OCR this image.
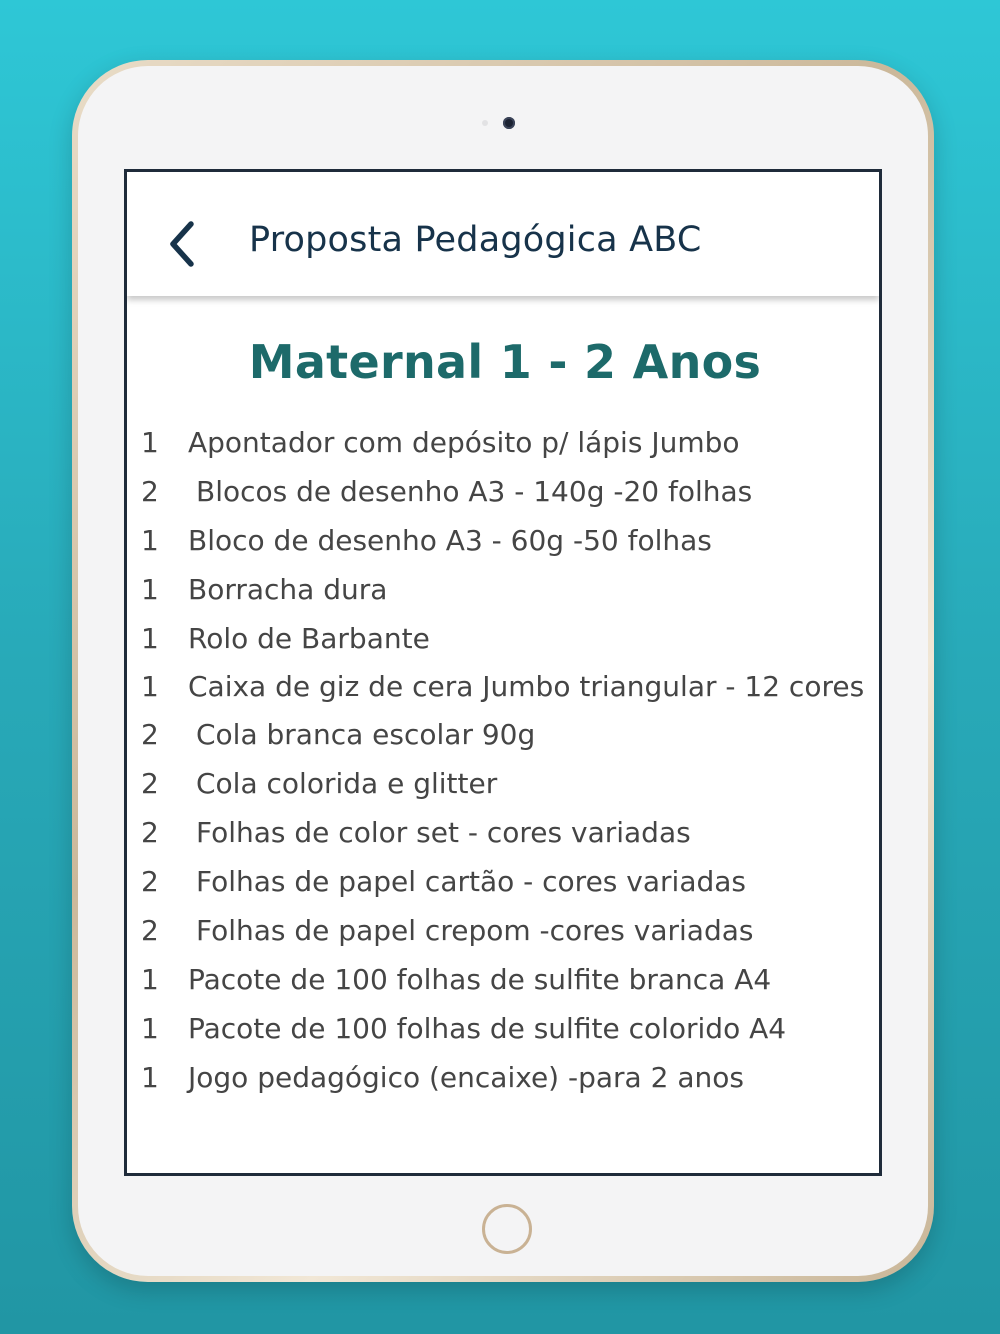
Proposta Pedagógica ABC
Maternal 1 - 2 Anos
1 Apontador com depósito p/ lápis Jumbo
2 Blocos de desenho A3 - 140g -20 folhas
1 Bloco de desenho A3 - 60g -50 folhas
1 Borracha dura
1 Rolo de Barbante
1 Caixa de giz de cera Jumbo triangular - 12 cores
2 Cola branca escolar 90g
2 Cola colorida e glitter
2 Folhas de color set - cores variadas
2 Folhas de papel cartão - cores variadas
2 Folhas de papel crepom -cores variadas
1 Pacote de 100 folhas de sulfite branca A4
1 Pacote de 100 folhas de sulfite colorido A4
1 Jogo pedagógico (encaixe) -para 2 anos
